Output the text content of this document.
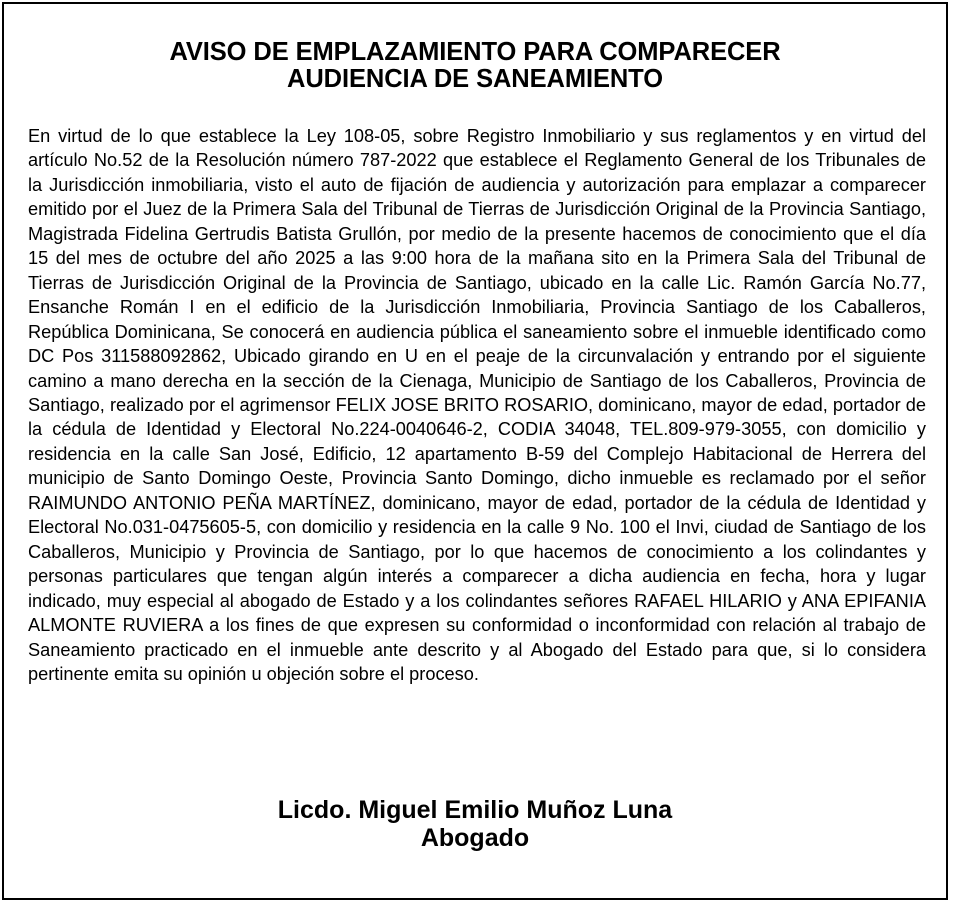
AVISO DE EMPLAZAMIENTO PARA COMPARECER
AUDIENCIA DE SANEAMIENTO

En virtud de lo que establece la Ley 108-05, sobre Registro Inmobiliario y sus reglamentos y en virtud del artículo No.52 de la Resolución número 787-2022 que establece el Reglamento General de los Tribunales de la Jurisdicción inmobiliaria, visto el auto de fijación de audiencia y autorización para emplazar a comparecer emitido por el Juez de la Primera Sala del Tribunal de Tierras de Jurisdicción Original de la Provincia Santiago, Magistrada Fidelina Gertrudis Batista Grullón, por medio de la presente hacemos de conocimiento que el día 15 del mes de octubre del año 2025 a las 9:00 hora de la mañana sito en la Primera Sala del Tribunal de Tierras de Jurisdicción Original de la Provincia de Santiago, ubicado en la calle Lic. Ramón García No.77, Ensanche Román I en el edificio de la Jurisdicción Inmobiliaria, Provincia Santiago de los Caballeros, República Dominicana, Se conocerá en audiencia pública el saneamiento sobre el inmueble identificado como DC Pos 311588092862, Ubicado girando en U en el peaje de la circunvalación y entrando por el siguiente camino a mano derecha en la sección de la Cienaga, Municipio de Santiago de los Caballeros, Provincia de Santiago, realizado por el agrimensor FELIX JOSE BRITO ROSARIO, dominicano, mayor de edad, portador de la cédula de Identidad y Electoral No.224-0040646-2, CODIA 34048, TEL.809-979-3055, con domicilio y residencia en la calle San José, Edificio, 12 apartamento B-59 del Complejo Habitacional de Herrera del municipio de Santo Domingo Oeste, Provincia Santo Domingo, dicho inmueble es reclamado por el señor RAIMUNDO ANTONIO PEÑA MARTÍNEZ, dominicano, mayor de edad, portador de la cédula de Identidad y Electoral No.031-0475605-5, con domicilio y residencia en la calle 9 No. 100 el Invi, ciudad de Santiago de los Caballeros, Municipio y Provincia de Santiago, por lo que hacemos de conocimiento a los colindantes y personas particulares que tengan algún interés a comparecer a dicha audiencia en fecha, hora y lugar indicado, muy especial al abogado de Estado y a los colindantes señores RAFAEL HILARIO y ANA EPIFANIA ALMONTE RUVIERA a los fines de que expresen su conformidad o inconformidad con relación al trabajo de Saneamiento practicado en el inmueble ante descrito y al Abogado del Estado para que, si lo considera pertinente emita su opinión u objeción sobre el proceso.

Licdo. Miguel Emilio Muñoz Luna
Abogado
